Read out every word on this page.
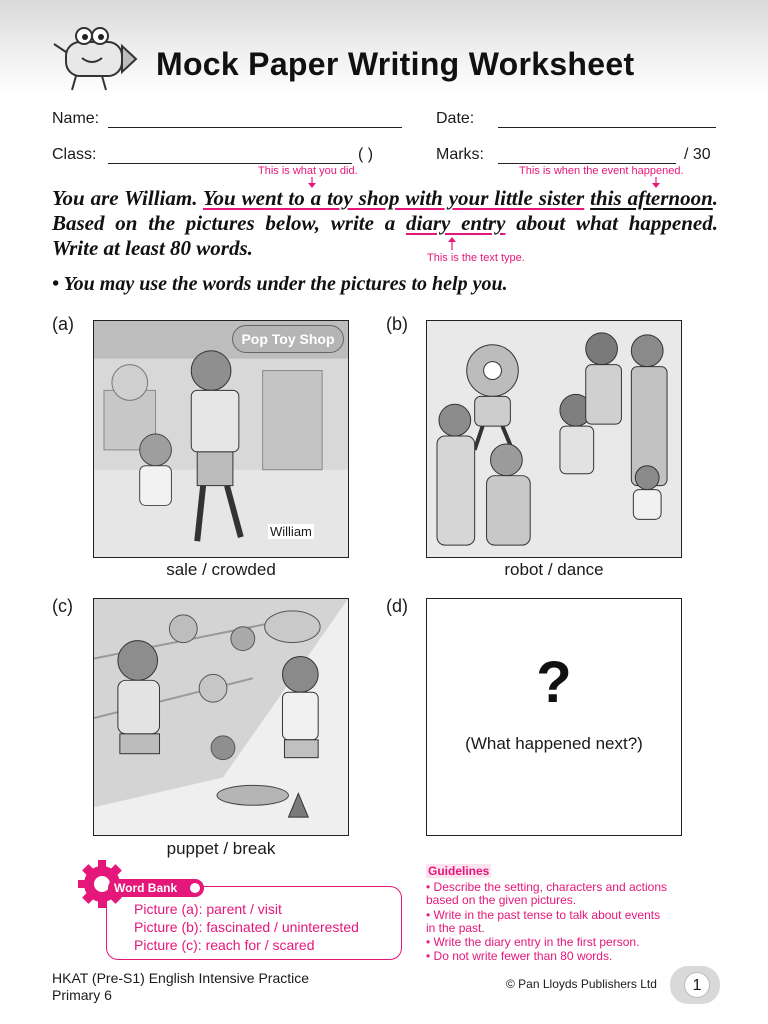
Mock Paper Writing Worksheet
Name:	Date:
Class:	( )	Marks:	/ 30
This is what you did.	This is when the event happened.
You are William. You went to a toy shop with your little sister this afternoon.
Based on the pictures below, write a diary entry about what happened.
Write at least 80 words.	This is the text type.
• You may use the words under the pictures to help you.
(a)
Pop Toy Shop
William
sale / crowded
(b)
robot / dance
(c)
puppet / break
(d)
?
(What happened next?)
Word Bank
Picture (a): parent / visit
Picture (b): fascinated / uninterested
Picture (c): reach for / scared
Guidelines
• Describe the setting, characters and actions
based on the given pictures.
• Write in the past tense to talk about events
in the past.
• Write the diary entry in the first person.
• Do not write fewer than 80 words.
HKAT (Pre-S1) English Intensive Practice
Primary 6
© Pan Lloyds Publishers Ltd	1
